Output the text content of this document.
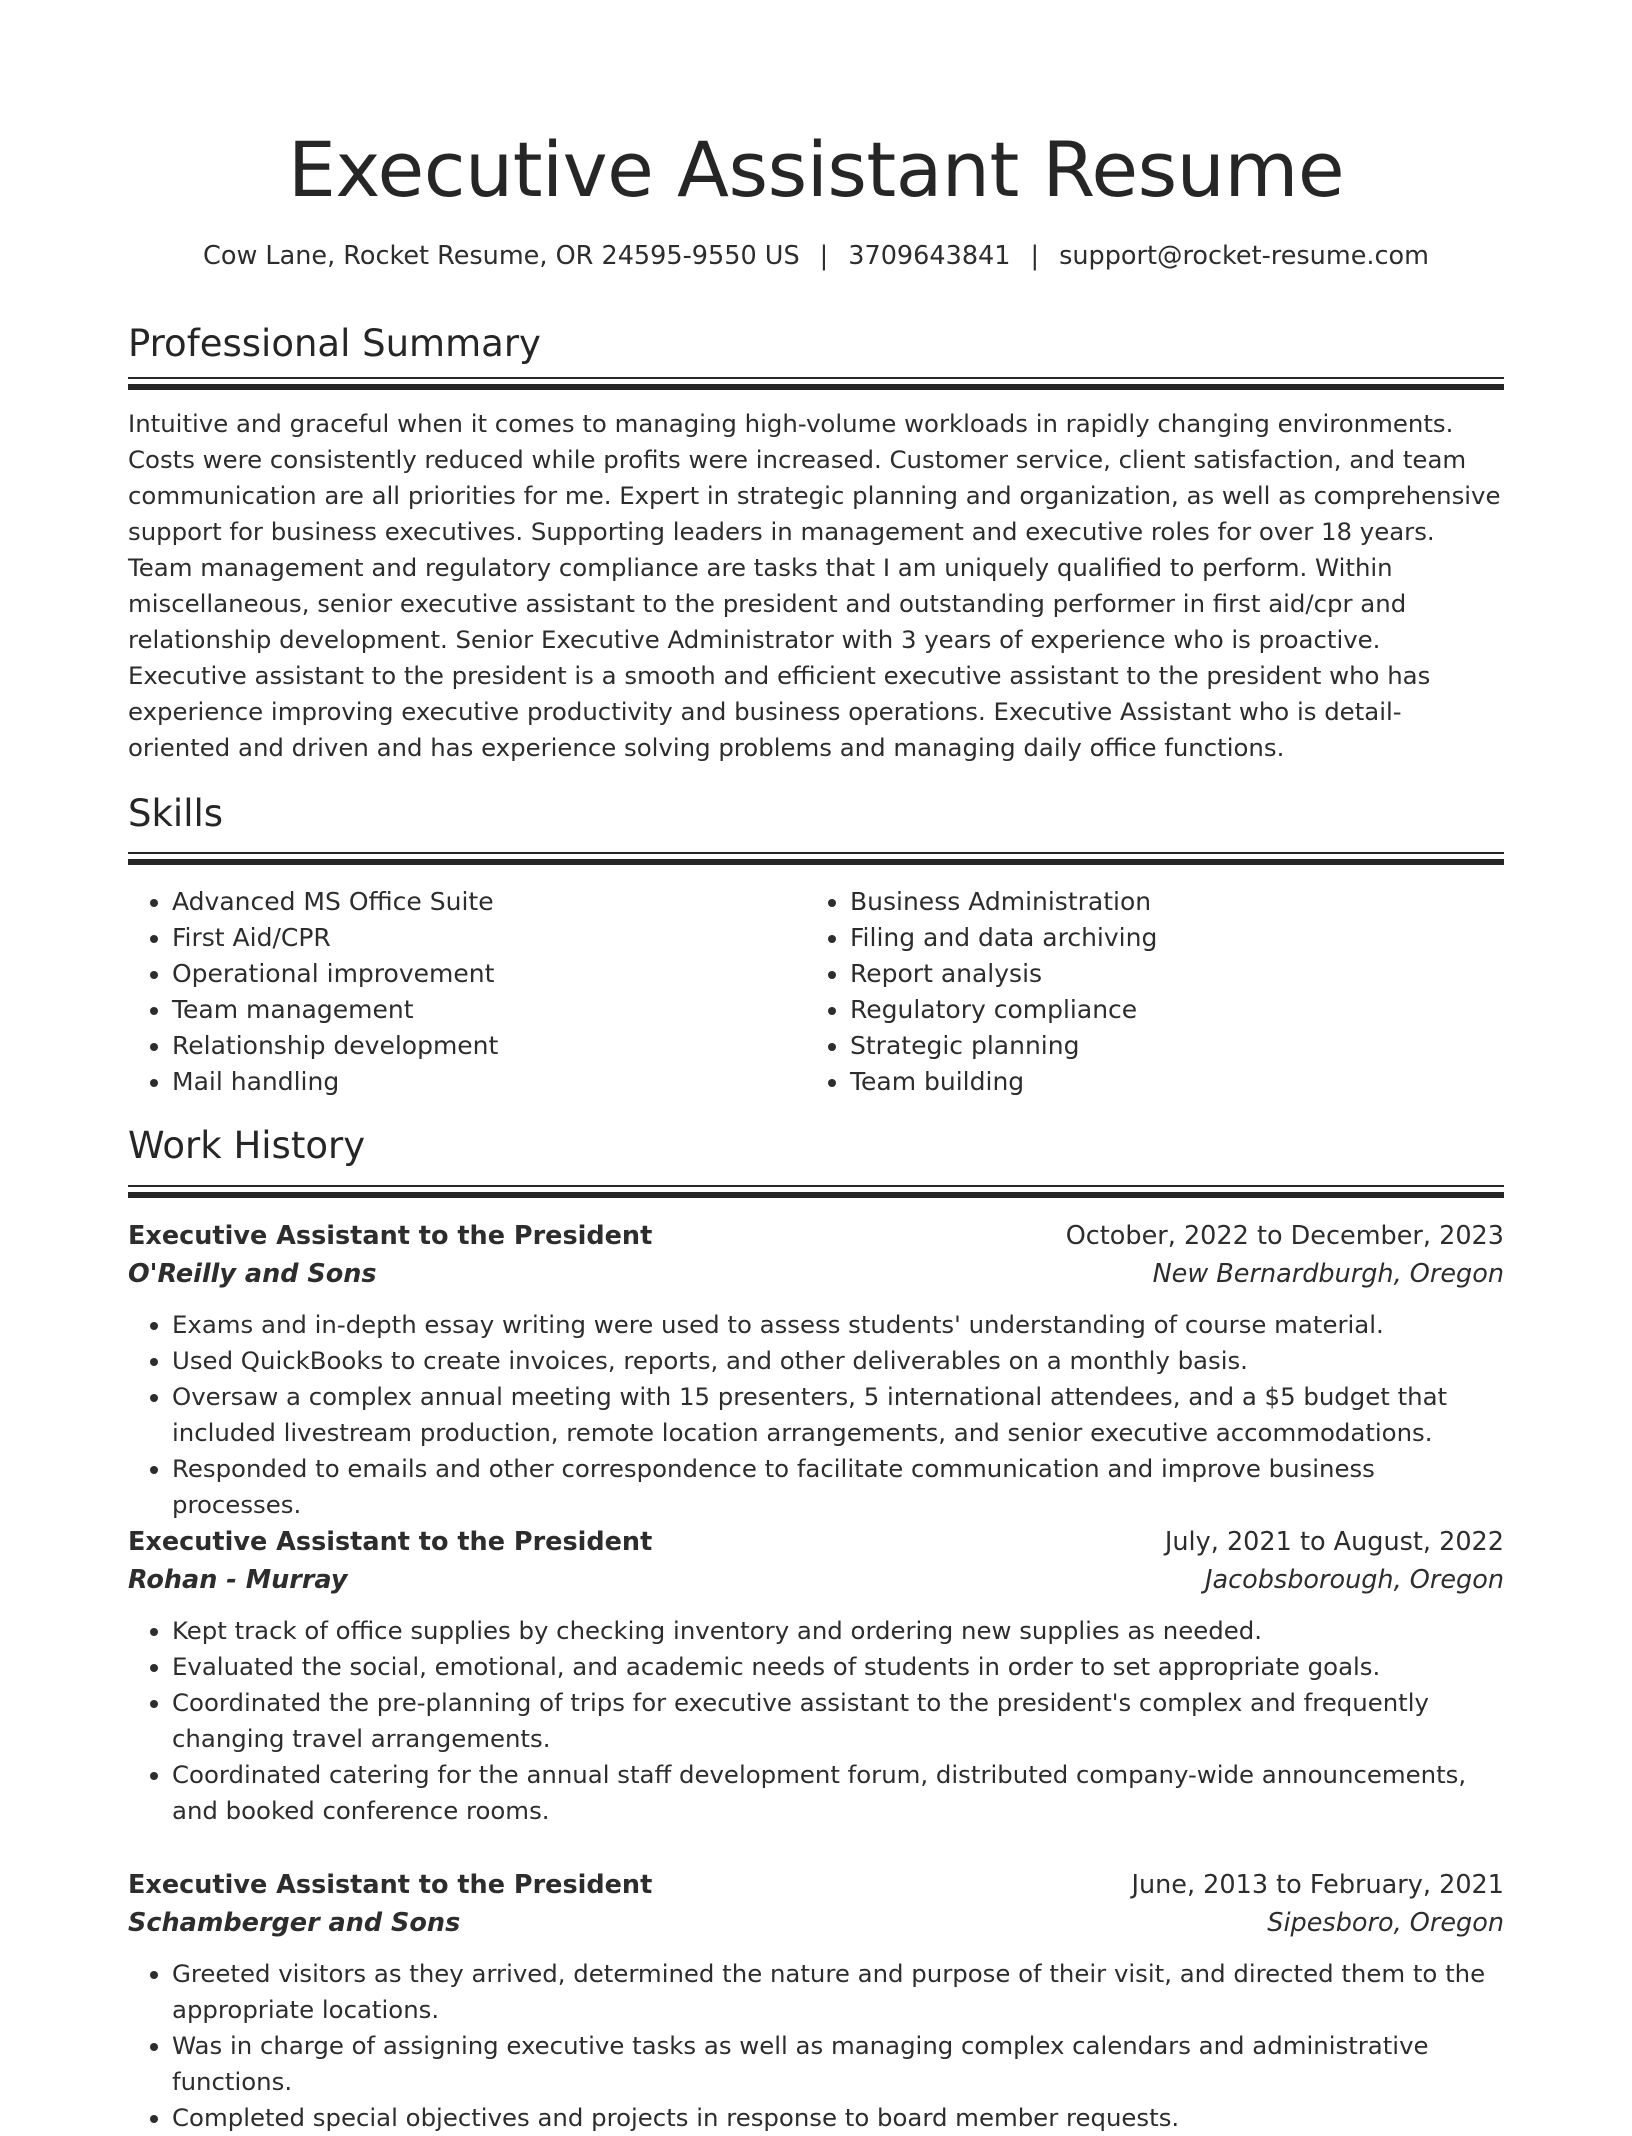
Executive Assistant Resume
Cow Lane, Rocket Resume, OR 24595-9550 US | 3709643841 | support@rocket-resume.com
Professional Summary

Intuitive and graceful when it comes to managing high-volume workloads in rapidly changing environments. Costs were consistently reduced while profits were increased. Customer service, client satisfaction, and team communication are all priorities for me. Expert in strategic planning and organization, as well as comprehensive support for business executives. Supporting leaders in management and executive roles for over 18 years. Team management and regulatory compliance are tasks that I am uniquely qualified to perform. Within miscellaneous, senior executive assistant to the president and outstanding performer in first aid/cpr and relationship development. Senior Executive Administrator with 3 years of experience who is proactive. Executive assistant to the president is a smooth and efficient executive assistant to the president who has experience improving executive productivity and business operations. Executive Assistant who is detail-oriented and driven and has experience solving problems and managing daily office functions.

Skills
• Advanced MS Office Suite
• First Aid/CPR
• Operational improvement
• Team management
• Relationship development
• Mail handling
• Business Administration
• Filing and data archiving
• Report analysis
• Regulatory compliance
• Strategic planning
• Team building
Work History
Executive Assistant to the President	October, 2022 to December, 2023
O'Reilly and Sons	New Bernardburgh, Oregon
• Exams and in-depth essay writing were used to assess students' understanding of course material.
• Used QuickBooks to create invoices, reports, and other deliverables on a monthly basis.
• Oversaw a complex annual meeting with 15 presenters, 5 international attendees, and a $5 budget that included livestream production, remote location arrangements, and senior executive accommodations.
• Responded to emails and other correspondence to facilitate communication and improve business processes.
Executive Assistant to the President	July, 2021 to August, 2022
Rohan - Murray	Jacobsborough, Oregon
• Kept track of office supplies by checking inventory and ordering new supplies as needed.
• Evaluated the social, emotional, and academic needs of students in order to set appropriate goals.
• Coordinated the pre-planning of trips for executive assistant to the president's complex and frequently changing travel arrangements.
• Coordinated catering for the annual staff development forum, distributed company-wide announcements, and booked conference rooms.
Executive Assistant to the President	June, 2013 to February, 2021
Schamberger and Sons	Sipesboro, Oregon
• Greeted visitors as they arrived, determined the nature and purpose of their visit, and directed them to the appropriate locations.
• Was in charge of assigning executive tasks as well as managing complex calendars and administrative functions.
• Completed special objectives and projects in response to board member requests.
